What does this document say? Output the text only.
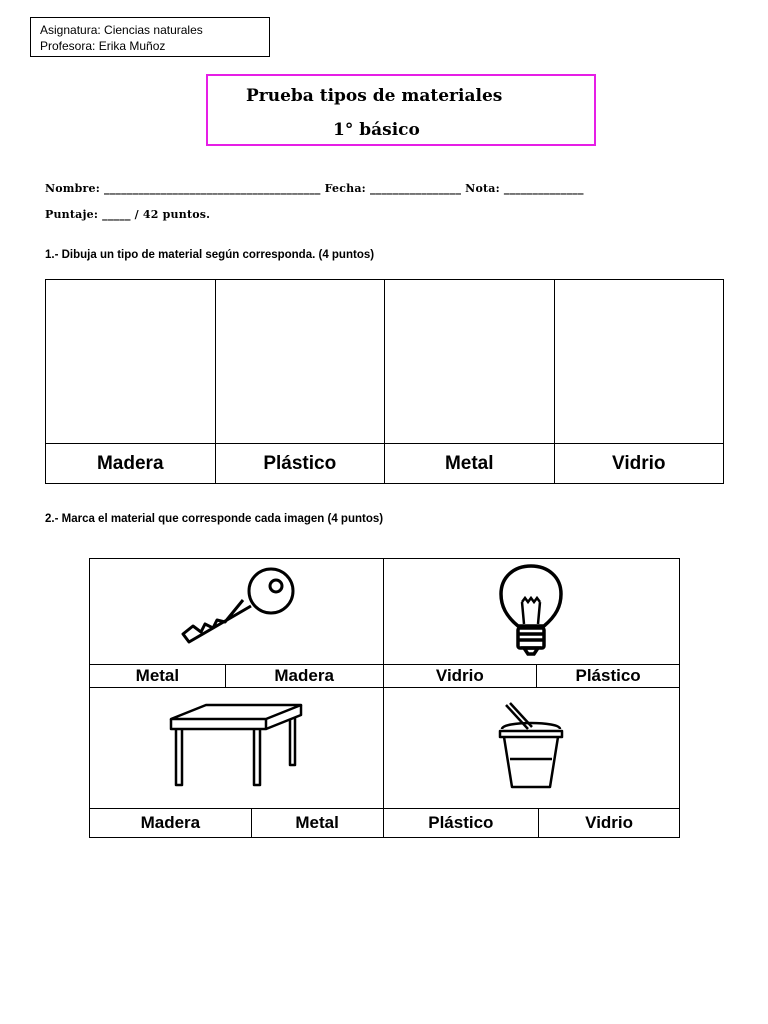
Asignatura: Ciencias naturales
Profesora: Erika Muñoz
Prueba tipos de materiales
1° básico
Nombre: ______________________________________ Fecha: ________________ Nota: ______________
Puntaje: _____ / 42 puntos.
1.- Dibuja un tipo de material según corresponda. (4 puntos)

Madera	Plástico	Metal	Vidrio
2.- Marca el material que corresponde cada imagen (4 puntos)

Metal	Madera		Vidrio	Plástico	

Madera		Metal	Plástico		Vidrio
